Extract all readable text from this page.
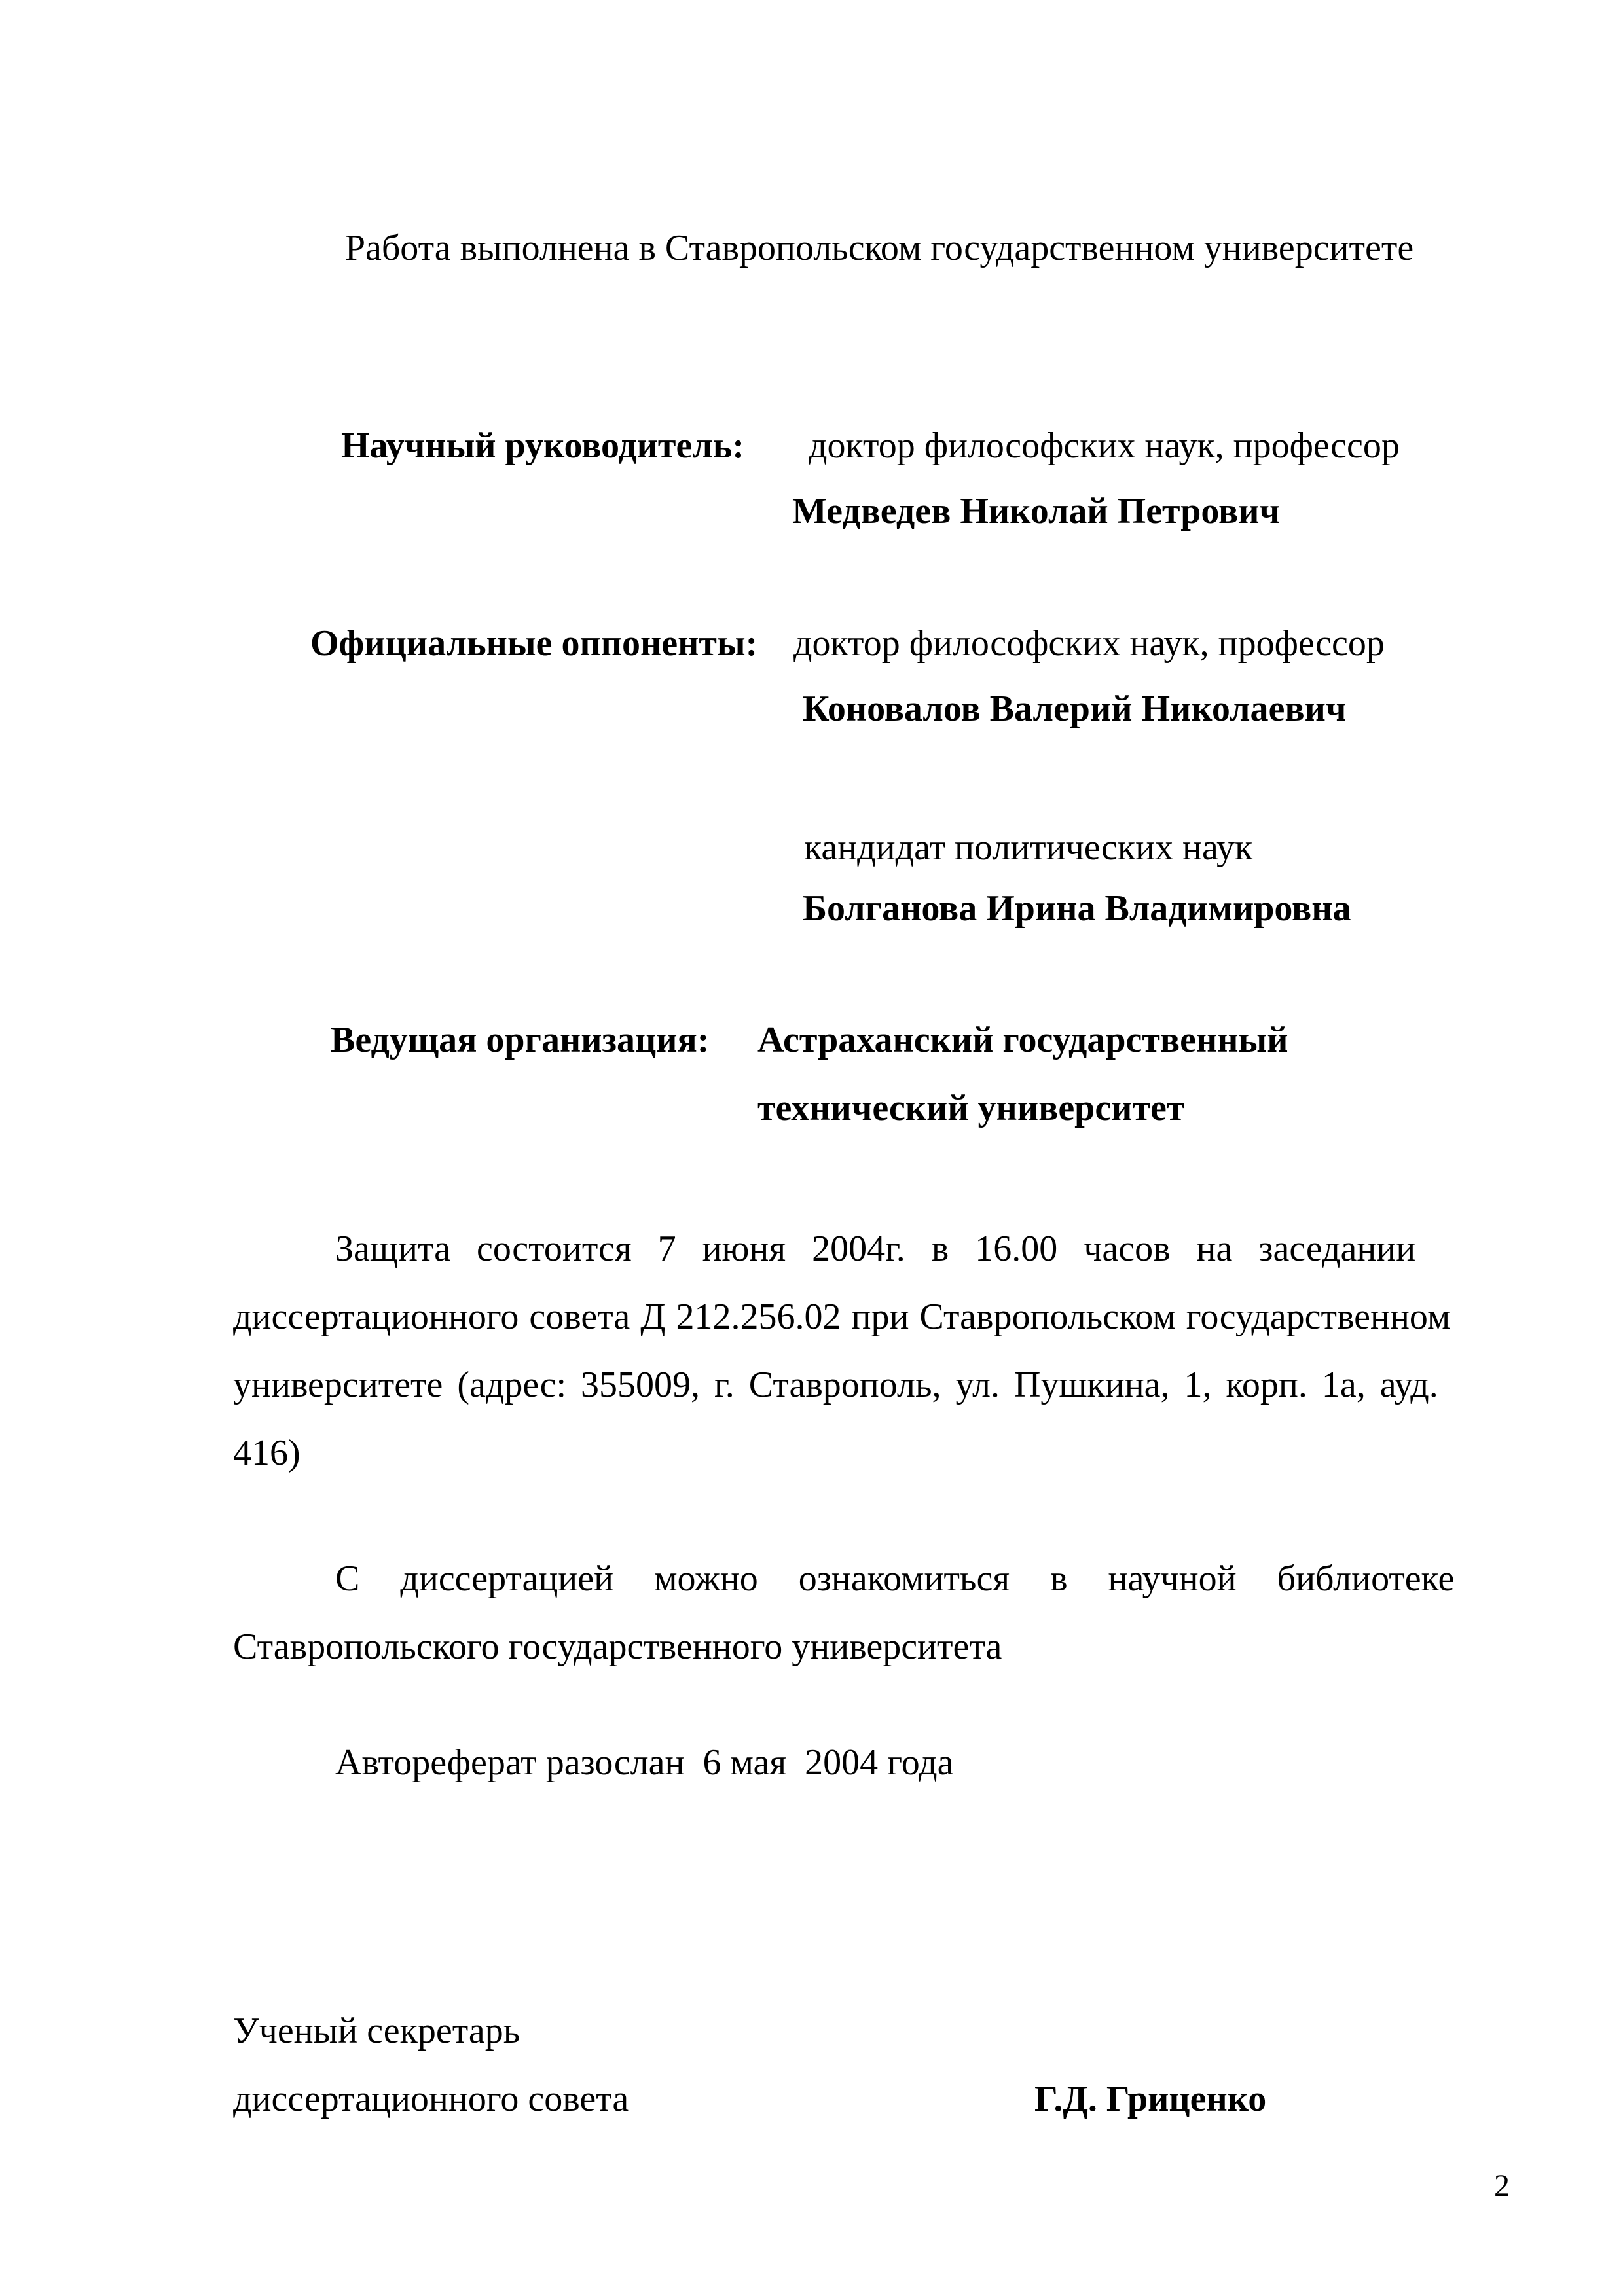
Работа выполнена в Ставропольском государственном университете
Научный руководитель: доктор философских наук, профессор
Медведев Николай Петрович
Официальные оппоненты: доктор философских наук, профессор
Коновалов Валерий Николаевич
кандидат политических наук
Болганова Ирина Владимировна
Ведущая организация: Астраханский государственный
технический университет
Защита состоится 7 июня 2004г. в 16.00 часов на заседании
диссертационного совета Д 212.256.02 при Ставропольском государственном
университете (адрес: 355009, г. Ставрополь, ул. Пушкина, 1, корп. 1а, ауд.
416)
С диссертацией можно ознакомиться в научной библиотеке
Ставропольского государственного университета
Автореферат разослан  6 мая  2004 года
Ученый секретарь
диссертационного совета	Г.Д. Гриценко
2
